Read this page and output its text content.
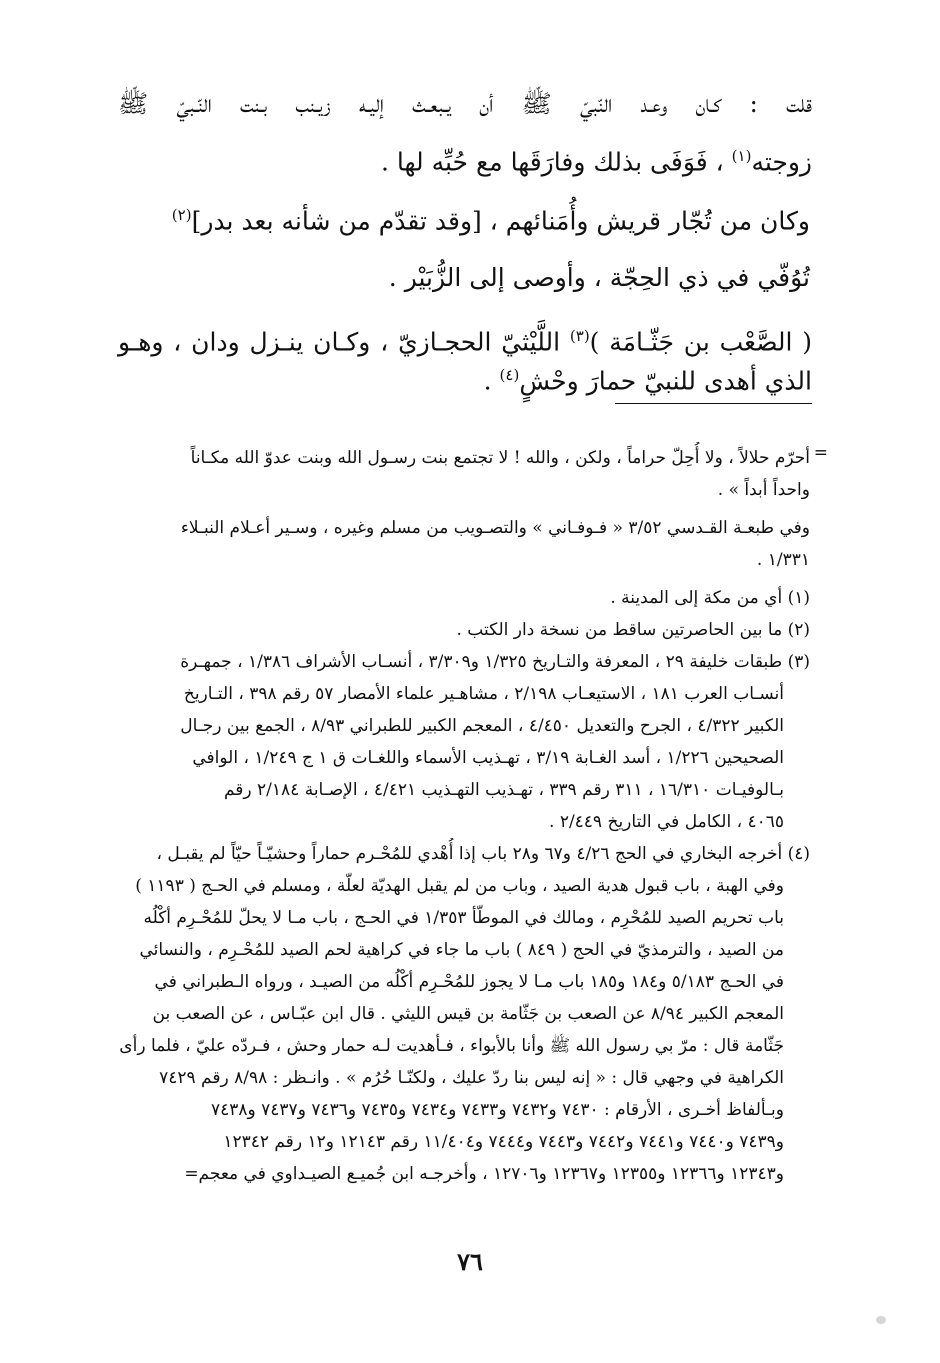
قلت : كـان وعـد النّبيّ ﷺ أن يـبعـث إليـه زيـنب بـنت النّـبيّ ﷺ

زوجته$^{(١)}$ ، فَوَفَى بذلك وفارَقَها مع حُبِّه لها .

وكان من تُجّار قريش وأُمَنائهم ، [وقد تقدّم من شأنه بعد بدر]$^{(٢)}$

تُوُفّي في ذي الحِجّة ، وأوصى إلى الزُّبَيْر .

( الصَّعْب بن جَثّـامَة )$^{(٣)}$ اللَّيْثيّ الحجـازيّ ، وكـان ينـزل ودان ، وهـو

الذي أهدى للنبيّ حمارَ وحْشٍ$^{(٤)}$ .

=
أحرّم حلالاً ، ولا أُحِلّ حراماً ، ولكن ، والله ! لا تجتمع بنت رسـول الله وبنت عدوّ الله مكـاناً
واحداً أبداً » .
وفي طبعـة القـدسي ٣/٥٢ « فـوفـاني » والتصـويب من مسلم وغيره ، وسـير أعـلام النبـلاء
١/٣٣١ .
(١) أي من مكة إلى المدينة .
(٢) ما بين الحاصرتين ساقط من نسخة دار الكتب .
(٣) طبقات خليفة ٢٩ ، المعرفة والتـاريخ ١/٣٢٥ و٣/٣٠٩ ، أنسـاب الأشراف ١/٣٨٦ ، جمهـرة
أنسـاب العرب ١٨١ ، الاستيعـاب ٢/١٩٨ ، مشاهـير علماء الأمصار ٥٧ رقم ٣٩٨ ، التـاريخ
الكبير ٤/٣٢٢ ، الجرح والتعديل ٤/٤٥٠ ، المعجم الكبير للطبراني ٨/٩٣ ، الجمع بين رجـال
الصحيحين ١/٢٢٦ ، أسد الغـابة ٣/١٩ ، تهـذيب الأسماء واللغـات ق ١ ج ١/٢٤٩ ، الوافي
بـالوفيـات ١٦/٣١٠ ، ٣١١ رقم ٣٣٩ ، تهـذيب التهـذيب ٤/٤٢١ ، الإصـابة ٢/١٨٤ رقم
٤٠٦٥ ، الكامل في التاريخ ٢/٤٤٩ .
(٤) أخرجه البخاري في الحج ٤/٢٦ و٦٧ و٢٨ باب إذا أُهْدي للمُحْـرم حماراً وحشيّـاً حيّاً لم يقبـل ،
وفي الهبة ، باب قبول هدية الصيد ، وباب من لم يقبل الهديّة لعلّة ، ومسلم في الحـج ( ١١٩٣ )
باب تحريم الصيد للمُحْرِم ، ومالك في الموطّأ ١/٣٥٣ في الحـج ، باب مـا لا يحلّ للمُحْـرِم أكْلُه
من الصيد ، والترمذيّ في الحج ( ٨٤٩ ) باب ما جاء في كراهية لحم الصيد للمُحْـرِم ، والنسائي
في الحـج ٥/١٨٣ و١٨٤ و١٨٥ باب مـا لا يجوز للمُحْـرِم أكْلُه من الصيـد ، ورواه الـطبراني في
المعجم الكبير ٨/٩٤ عن الصعب بن جَثّامة بن قيس الليثي . قال ابن عبّـاس ، عن الصعب بن
جَثّامة قال : مرّ بي رسول الله ﷺ وأنا بالأبواء ، فـأهديت لـه حمار وحش ، فـردّه عليّ ، فلما رأى
الكراهية في وجهي قال : « إنه ليس بنا ردّ عليك ، ولكنّـا حُرُم » . وانـظر : ٨/٩٨ رقم ٧٤٢٩
وبـألفاظ أخـرى ، الأرقام : ٧٤٣٠ و٧٤٣٢ و٧٤٣٣ و٧٤٣٤ و٧٤٣٥ و٧٤٣٦ و٧٤٣٧ و٧٤٣٨
و٧٤٣٩ و٧٤٤٠ و٧٤٤١ و٧٤٤٢ و٧٤٤٣ و٧٤٤٤ و١١/٤٠٤ رقم ١٢١٤٣ و١٢ رقم ١٢٣٤٢
و١٢٣٤٣ و١٢٣٦٦ و١٢٣٥٥ و١٢٣٦٧ و١٢٧٠٦ ، وأخرجـه ابن جُميـع الصيـداوي في معجم=
٧٦
